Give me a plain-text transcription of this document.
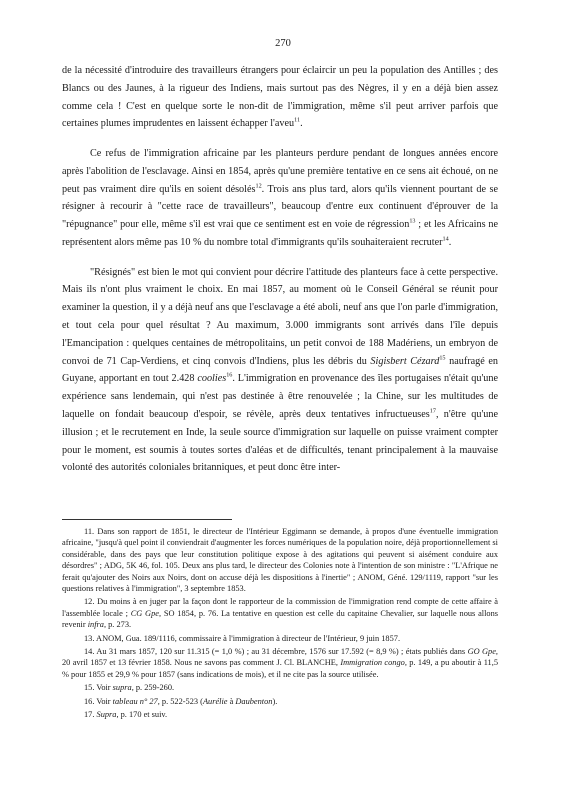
270

de la nécessité d'introduire des travailleurs étrangers pour éclaircir un peu la population des Antilles ; des Blancs ou des Jaunes, à la rigueur des Indiens, mais surtout pas des Nègres, il y en a déjà bien assez comme cela ! C'est en quelque sorte le non-dit de l'immigration, même s'il peut arriver parfois que certaines plumes imprudentes en laissent échapper l'aveu$^{11}$.

Ce refus de l'immigration africaine par les planteurs perdure pendant de longues années encore après l'abolition de l'esclavage. Ainsi en 1854, après qu'une première tentative en ce sens ait échoué, on ne peut pas vraiment dire qu'ils en soient désolés$^{12}$. Trois ans plus tard, alors qu'ils viennent pourtant de se résigner à recourir à "cette race de travailleurs", beaucoup d'entre eux continuent d'éprouver de la "répugnance" pour elle, même s'il est vrai que ce sentiment est en voie de régression$^{13}$ ; et les Africains ne représentent alors même pas 10 % du nombre total d'immigrants qu'ils souhaiteraient recruter$^{14}$.

"Résignés" est bien le mot qui convient pour décrire l'attitude des planteurs face à cette perspective. Mais ils n'ont plus vraiment le choix. En mai 1857, au moment où le Conseil Général se réunit pour examiner la question, il y a déjà neuf ans que l'esclavage a été aboli, neuf ans que l'on parle d'immigration, et tout cela pour quel résultat ? Au maximum, 3.000 immigrants sont arrivés dans l'île depuis l'Emancipation : quelques centaines de métropolitains, un petit convoi de 188 Madériens, un embryon de convoi de 71 Cap-Verdiens, et cinq convois d'Indiens, plus les débris du Sigisbert Cézard$^{15}$ naufragé en Guyane, apportant en tout 2.428 coolies$^{16}$. L'immigration en provenance des îles portugaises n'était qu'une expérience sans lendemain, qui n'est pas destinée à être renouvelée ; la Chine, sur les multitudes de laquelle on fondait beaucoup d'espoir, se révèle, après deux tentatives infructueuses$^{17}$, n'être qu'une illusion ; et le recrutement en Inde, la seule source d'immigration sur laquelle on puisse vraiment compter pour le moment, est soumis à toutes sortes d'aléas et de difficultés, tenant principalement à la mauvaise volonté des autorités coloniales britanniques, et peut donc être inter-

11. Dans son rapport de 1851, le directeur de l'Intérieur Eggimann se demande, à propos d'une éventuelle immigration africaine, "jusqu'à quel point il conviendrait d'augmenter les forces numériques de la population noire, déjà proportionnellement si considérable, dans des pays que leur constitution politique expose à des agitations qui peuvent si aisément conduire aux désordres" ; ADG, 5K 46, fol. 105. Deux ans plus tard, le directeur des Colonies note à l'intention de son ministre : "L'Afrique ne ferait qu'ajouter des Noirs aux Noirs, dont on accuse déjà les dispositions à l'inertie" ; ANOM, Géné. 129/1119, rapport "sur les questions relatives à l'immigration", 3 septembre 1853.

12. Du moins à en juger par la façon dont le rapporteur de la commission de l'immigration rend compte de cette affaire à l'assemblée locale ; CG Gpe, SO 1854, p. 76. La tentative en question est celle du capitaine Chevalier, sur laquelle nous allons revenir infra, p. 273.

13. ANOM, Gua. 189/1116, commissaire à l'immigration à directeur de l'Intérieur, 9 juin 1857.

14. Au 31 mars 1857, 120 sur 11.315 (= 1,0 %) ; au 31 décembre, 1576 sur 17.592 (= 8,9 %) ; états publiés dans GO Gpe, 20 avril 1857 et 13 février 1858. Nous ne savons pas comment J. Cl. BLANCHE, Immigration congo, p. 149, a pu aboutir à 11,5 % pour 1855 et 29,9 % pour 1857 (sans indications de mois), et il ne cite pas la source utilisée.

15. Voir supra, p. 259-260.

16. Voir tableau n° 27, p. 522-523 (Aurélie à Daubenton).

17. Supra, p. 170 et suiv.
